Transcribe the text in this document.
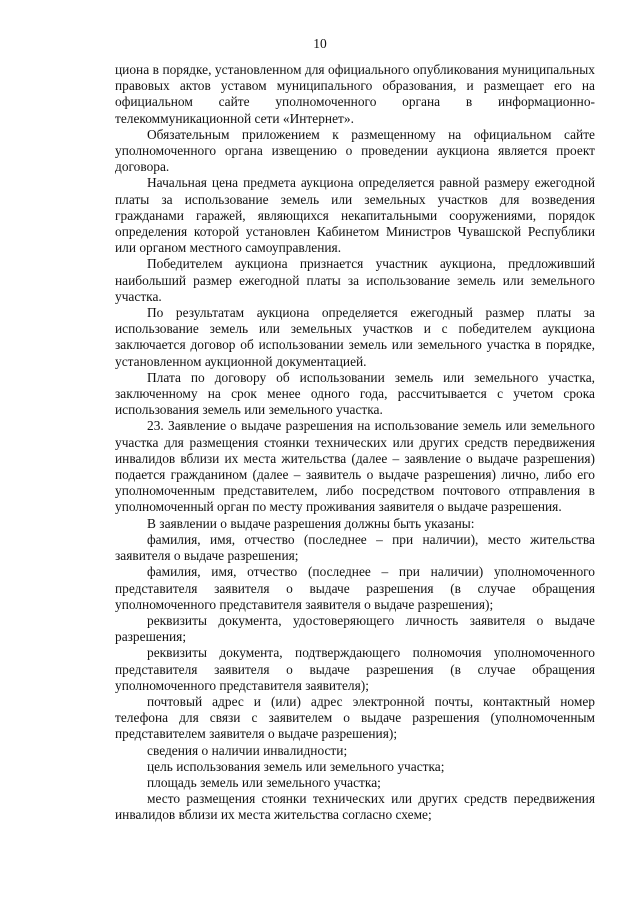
10

циона в порядке, установленном для официального опубликования муниципальных правовых актов уставом муниципального образования, и размещает его на официальном сайте уполномоченного органа в информационно-телекоммуникационной сети «Интернет».

Обязательным приложением к размещенному на официальном сайте уполномоченного органа извещению о проведении аукциона является проект договора.

Начальная цена предмета аукциона определяется равной размеру ежегодной платы за использование земель или земельных участков для возведения гражданами гаражей, являющихся некапитальными сооружениями, порядок определения которой установлен Кабинетом Министров Чувашской Республики или органом местного самоуправления.

Победителем аукциона признается участник аукциона, предложивший наибольший размер ежегодной платы за использование земель или земельного участка.

По результатам аукциона определяется ежегодный размер платы за использование земель или земельных участков и с победителем аукциона заключается договор об использовании земель или земельного участка в порядке, установленном аукционной документацией.

Плата по договору об использовании земель или земельного участка, заключенному на срок менее одного года, рассчитывается с учетом срока использования земель или земельного участка.

23. Заявление о выдаче разрешения на использование земель или земельного участка для размещения стоянки технических или других средств передвижения инвалидов вблизи их места жительства (далее – заявление о выдаче разрешения) подается гражданином (далее – заявитель о выдаче разрешения) лично, либо его уполномоченным представителем, либо посредством почтового отправления в уполномоченный орган по месту проживания заявителя о выдаче разрешения.

В заявлении о выдаче разрешения должны быть указаны:

фамилия, имя, отчество (последнее – при наличии), место жительства заявителя о выдаче разрешения;

фамилия, имя, отчество (последнее – при наличии) уполномоченного представителя заявителя о выдаче разрешения (в случае обращения уполномоченного представителя заявителя о выдаче разрешения);

реквизиты документа, удостоверяющего личность заявителя о выдаче разрешения;

реквизиты документа, подтверждающего полномочия уполномоченного представителя заявителя о выдаче разрешения (в случае обращения уполномоченного представителя заявителя);

почтовый адрес и (или) адрес электронной почты, контактный номер телефона для связи с заявителем о выдаче разрешения (уполномоченным представителем заявителя о выдаче разрешения);

сведения о наличии инвалидности;

цель использования земель или земельного участка;

площадь земель или земельного участка;

место размещения стоянки технических или других средств передвижения инвалидов вблизи их места жительства согласно схеме;
